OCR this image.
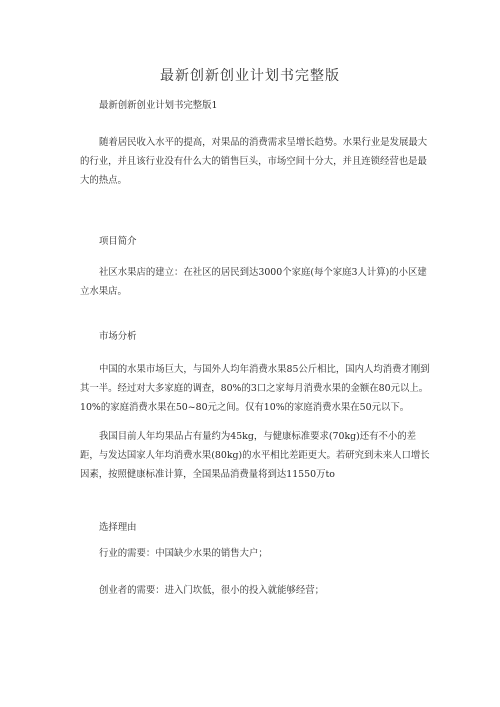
最新创新创业计划书完整版
最新创新创业计划书完整版1
随着居民收入水平的提高，对果品的消费需求呈增长趋势。水果行业是发展最大的行业，并且该行业没有什么大的销售巨头，市场空间十分大，并且连锁经营也是最大的热点。
项目简介
社区水果店的建立：在社区的居民到达3000个家庭(每个家庭3人计算)的小区建立水果店。
市场分析
中国的水果市场巨大，与国外人均年消费水果85公斤相比，国内人均消费才刚到其一半。经过对大多家庭的调查，80%的3口之家每月消费水果的金额在80元以上。10%的家庭消费水果在50~80元之间。仅有10%的家庭消费水果在50元以下。
我国目前人年均果品占有量约为45kg，与健康标准要求(70kg)还有不小的差距，与发达国家人年均消费水果(80kg)的水平相比差距更大。若研究到未来人口增长因素，按照健康标准计算，全国果品消费量将到达11550万to
选择理由
行业的需要：中国缺少水果的销售大户；
创业者的需要：进入门坎低，很小的投入就能够经营；
